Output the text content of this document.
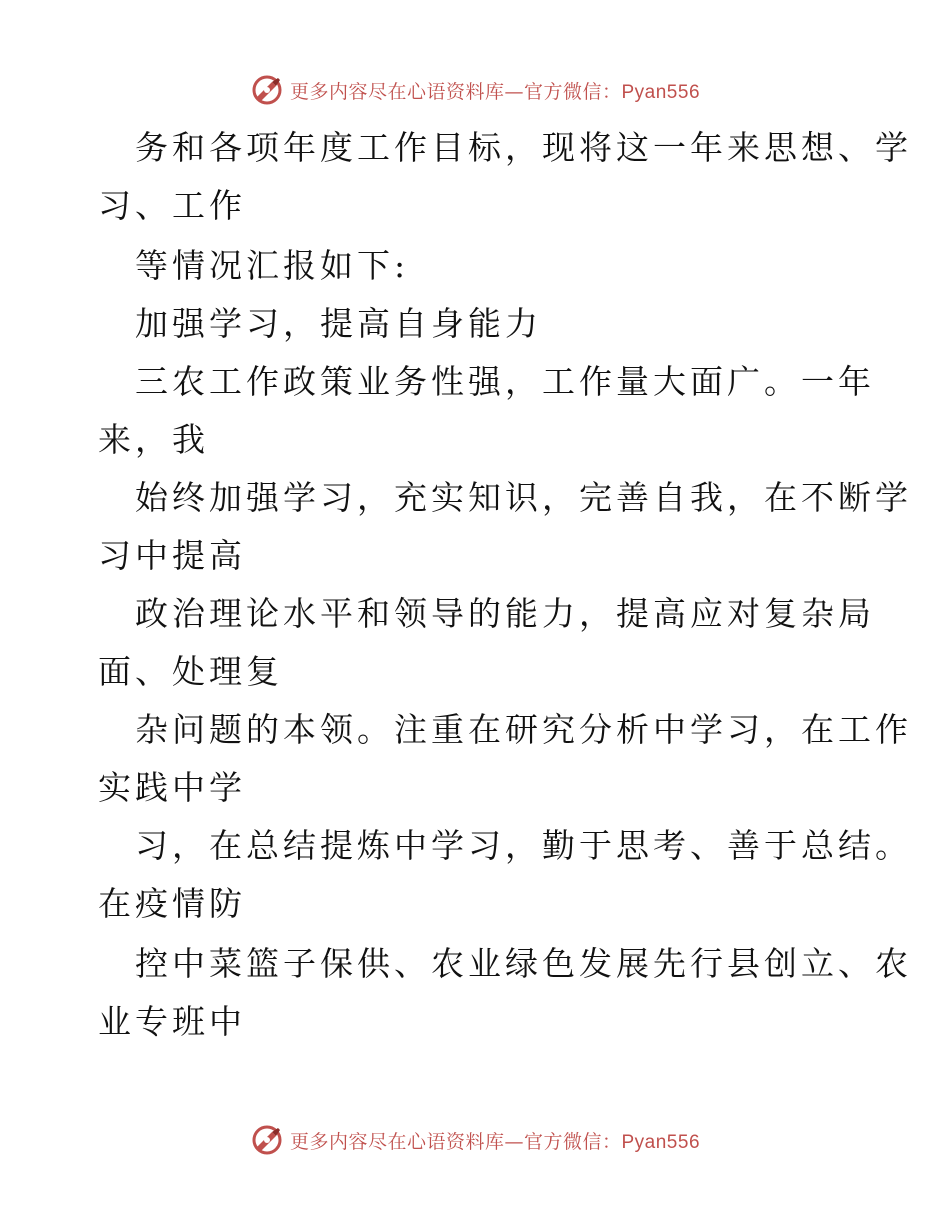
更多内容尽在心语资料库—官方微信：Pyan556
务和各项年度工作目标，现将这一年来思想、学
习、工作
等情况汇报如下:
加强学习，提高自身能力
三农工作政策业务性强，工作量大面广。一年
来，我
始终加强学习，充实知识，完善自我，在不断学
习中提高
政治理论水平和领导的能力，提高应对复杂局
面、处理复
杂问题的本领。注重在研究分析中学习，在工作
实践中学
习，在总结提炼中学习，勤于思考、善于总结。
在疫情防
控中菜篮子保供、农业绿色发展先行县创立、农
业专班中
更多内容尽在心语资料库—官方微信：Pyan556
